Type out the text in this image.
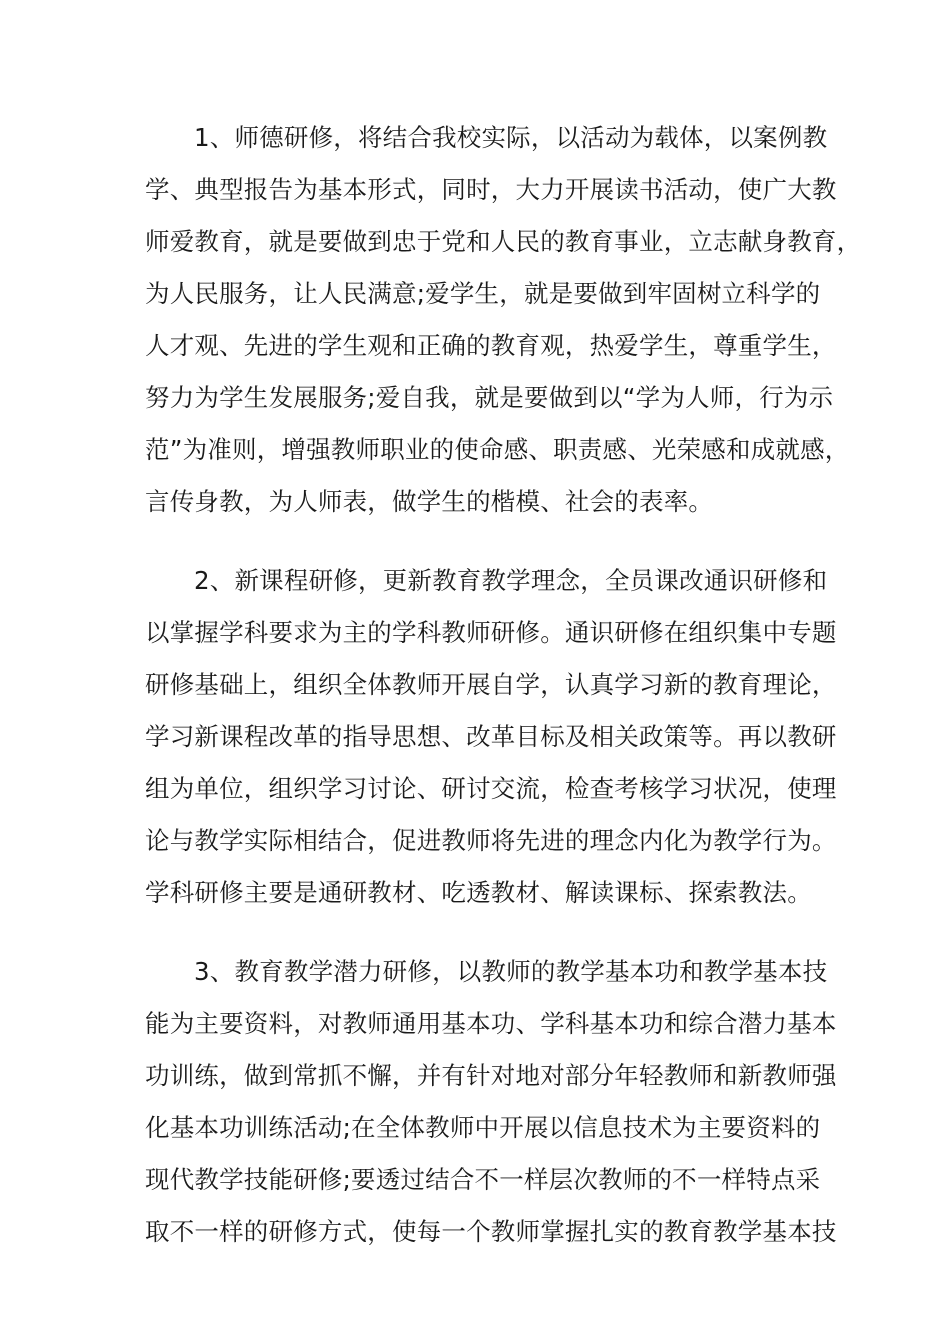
1、师德研修，将结合我校实际，以活动为载体，以案例教
学、典型报告为基本形式，同时，大力开展读书活动，使广大教
师爱教育，就是要做到忠于党和人民的教育事业，立志献身教育，
为人民服务，让人民满意;爱学生，就是要做到牢固树立科学的
人才观、先进的学生观和正确的教育观，热爱学生，尊重学生，
努力为学生发展服务;爱自我，就是要做到以“学为人师，行为示
范”为准则，增强教师职业的使命感、职责感、光荣感和成就感，
言传身教，为人师表，做学生的楷模、社会的表率。

2、新课程研修，更新教育教学理念，全员课改通识研修和
以掌握学科要求为主的学科教师研修。通识研修在组织集中专题
研修基础上，组织全体教师开展自学，认真学习新的教育理论，
学习新课程改革的指导思想、改革目标及相关政策等。再以教研
组为单位，组织学习讨论、研讨交流，检查考核学习状况，使理
论与教学实际相结合，促进教师将先进的理念内化为教学行为。
学科研修主要是通研教材、吃透教材、解读课标、探索教法。

3、教育教学潜力研修，以教师的教学基本功和教学基本技
能为主要资料，对教师通用基本功、学科基本功和综合潜力基本
功训练，做到常抓不懈，并有针对地对部分年轻教师和新教师强
化基本功训练活动;在全体教师中开展以信息技术为主要资料的
现代教学技能研修;要透过结合不一样层次教师的不一样特点采
取不一样的研修方式，使每一个教师掌握扎实的教育教学基本技
